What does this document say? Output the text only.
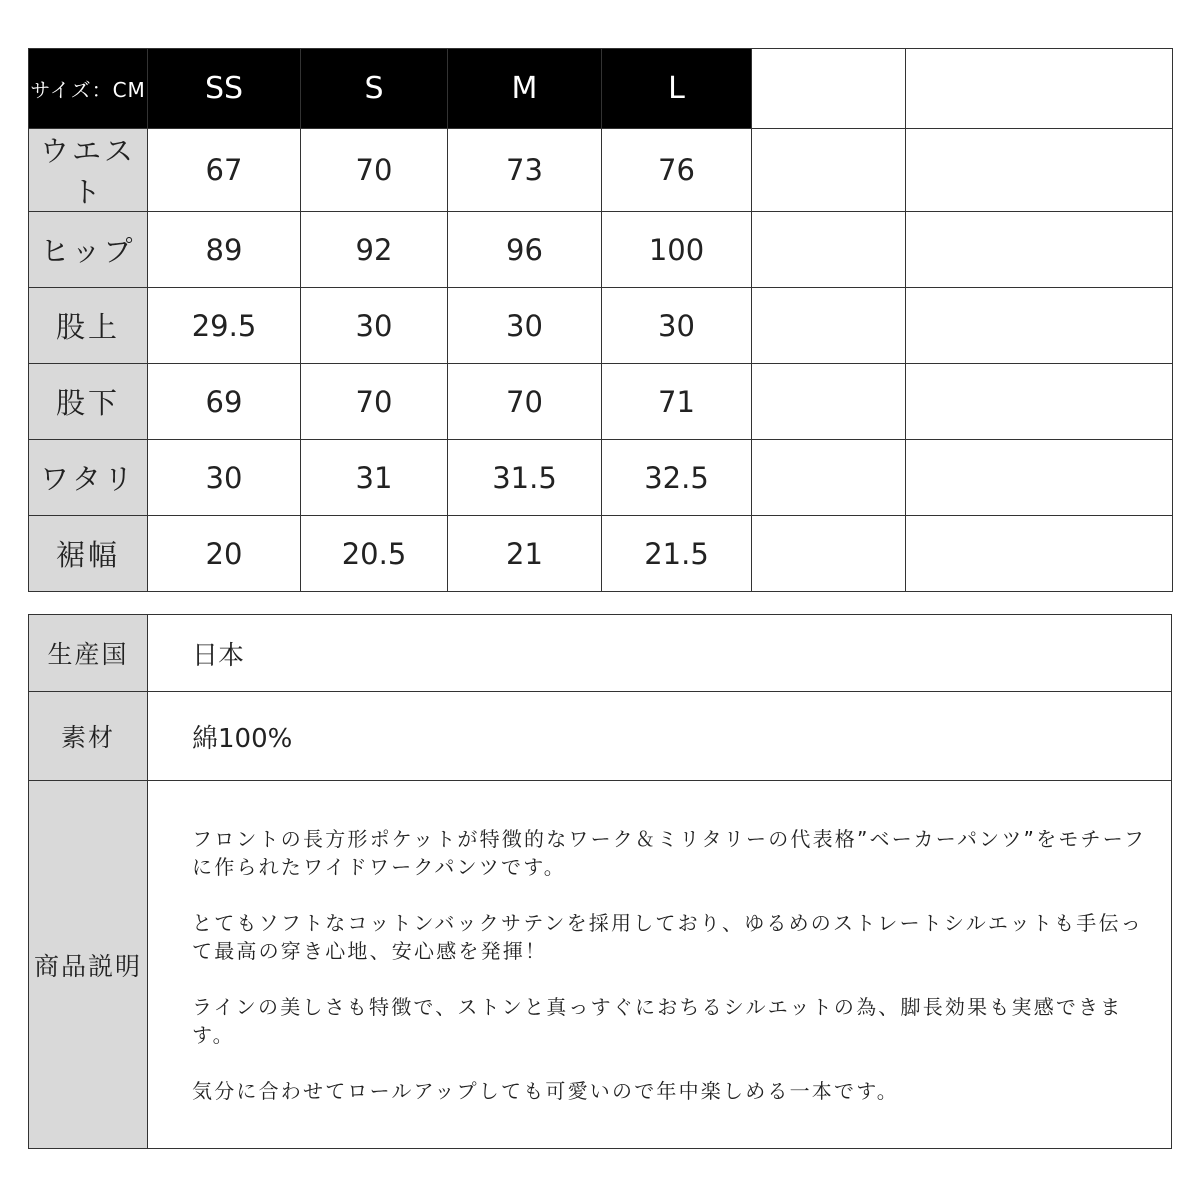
サイズ：CM	SS	S	M	L		
ウエスト	67	70	73	76		
ヒップ	89	92	96	100		
股上	29.5	30	30	30		
股下	69	70	70	71		
ワタリ	30	31	31.5	32.5		
裾幅	20	20.5	21	21.5		
生産国	日本
素材	綿100%
商品説明	フロントの長方形ポケットが特徴的なワーク＆ミリタリーの代表格”ベーカーパンツ”をモチーフに作られたワイドワークパンツです。

とてもソフトなコットンバックサテンを採用しており、ゆるめのストレートシルエットも手伝って最高の穿き心地、安心感を発揮！

ラインの美しさも特徴で、ストンと真っすぐにおちるシルエットの為、脚長効果も実感できます。

気分に合わせてロールアップしても可愛いので年中楽しめる一本です。
